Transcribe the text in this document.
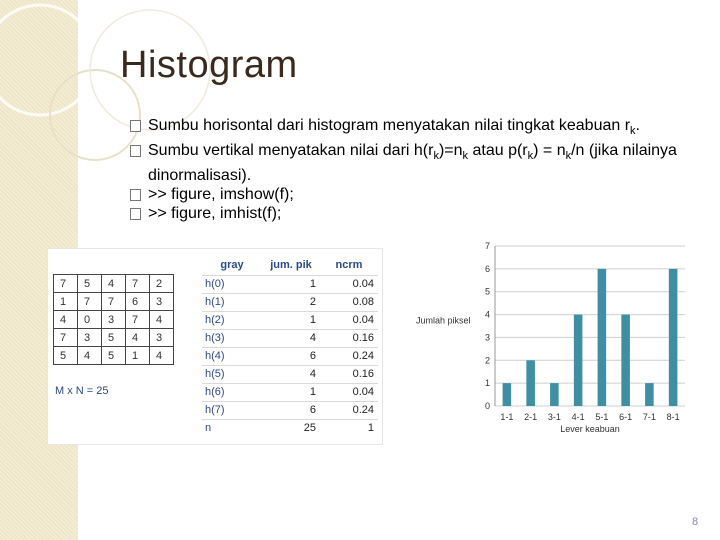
Histogram
Sumbu horisontal dari histogram menyatakan nilai tingkat keabuan $r_k$.
Sumbu vertikal menyatakan nilai dari $h(r_k)=n_k$ atau $p(r_k) = n_k/n$ (jika nilainya dinormalisasi).
>> figure, imshow(f);
>> figure, imhist(f);
7	5	4	7	2
1	7	7	6	3
4	0	3	7	4
7	3	5	4	3
5	4	5	1	4
M x N = 25
gray	jum. pik	ncrm
h(0)	1	0.04
h(1)	2	0.08
h(2)	1	0.04
h(3)	4	0.16
h(4)	6	0.24
h(5)	4	0.16
h(6)	1	0.04
h(7)	6	0.24
n	25	1
0
1
2
3
4
5
6
7
1-1 2-1 3-1 4-1 5-1 6-1 7-1 8-1
Lever keabuan
Jumlah piksel
8
